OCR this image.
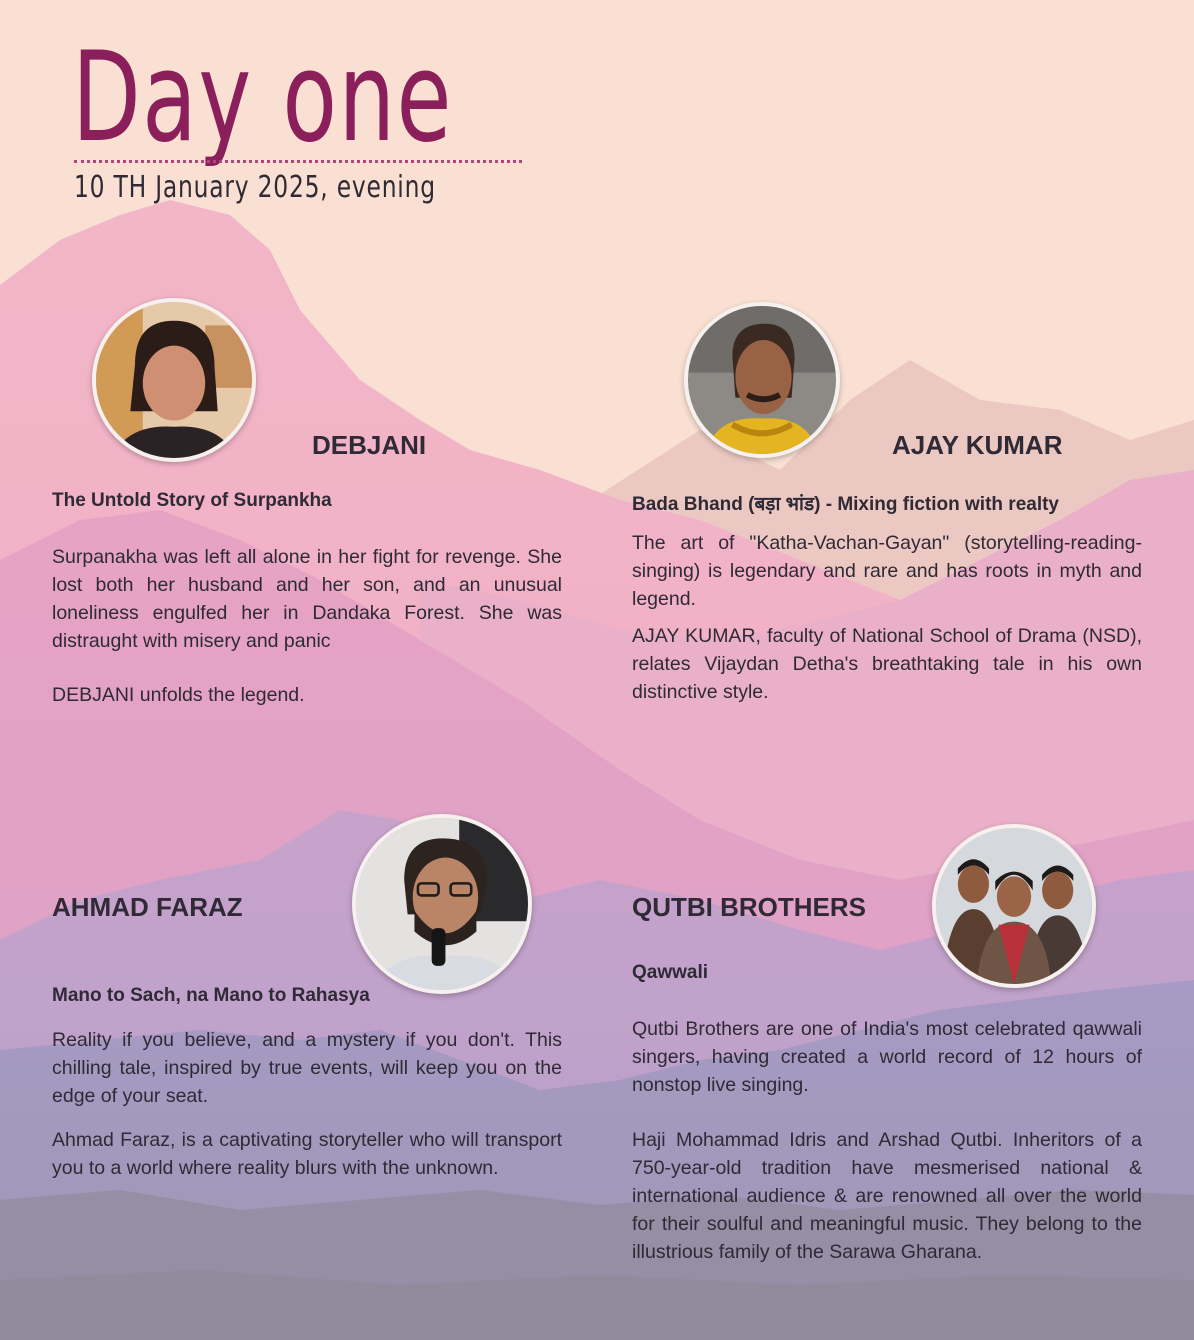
Day one
10 TH January 2025, evening
DEBJANI
The Untold Story of Surpankha
Surpanakha was left all alone in her fight for revenge. She lost both her husband and her son, and an unusual loneliness engulfed her in Dandaka Forest. She was distraught with misery and panic
DEBJANI unfolds the legend.
AJAY KUMAR
Bada Bhand (बड़ा भांड) - Mixing fiction with realty
The art of "Katha-Vachan-Gayan" (storytelling-reading-singing) is legendary and rare and has roots in myth and legend.
AJAY KUMAR, faculty of National School of Drama (NSD), relates Vijaydan Detha's breathtaking tale in his own distinctive style.
AHMAD FARAZ
Mano to Sach, na Mano to Rahasya
Reality if you believe, and a mystery if you don't. This chilling tale, inspired by true events, will keep you on the edge of your seat.
Ahmad Faraz, is a captivating storyteller who will transport you to a world where reality blurs with the unknown.
QUTBI BROTHERS
Qawwali
Qutbi Brothers are one of India's most celebrated qawwali singers, having created a world record of 12 hours of nonstop live singing.
Haji Mohammad Idris and Arshad Qutbi. Inheritors of a 750-year-old tradition have mesmerised national & international audience & are renowned all over the world for their soulful and meaningful music. They belong to the illustrious family of the Sarawa Gharana.
